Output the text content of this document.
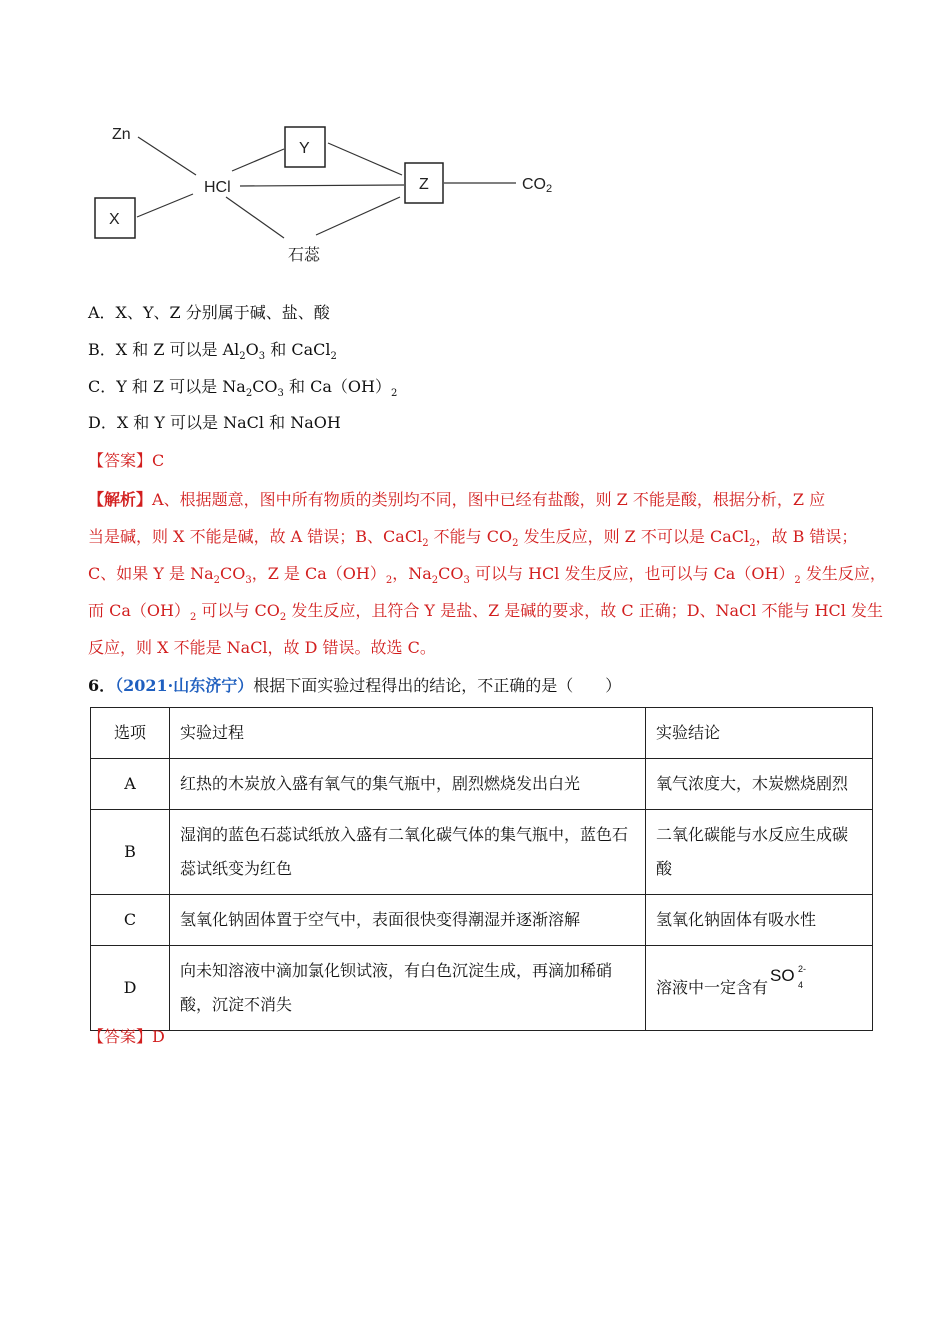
Zn
X
HCl
Y
Z
石蕊
CO2
A．X、Y、Z 分别属于碱、盐、酸
B．X 和 Z 可以是 $Al_2O_3$ 和 CaCl$_2$
C．Y 和 Z 可以是 $Na_2CO_3$ 和 $Ca(OH)_2$
D．X 和 Y 可以是 NaCl 和 NaOH
【答案】C
【解析】A、根据题意，图中所有物质的类别均不同，图中已经有盐酸，则 Z 不能是酸，根据分析，Z 应
当是碱，则 X 不能是碱，故 A 错误；B、CaCl$_2$ 不能与 $CO_2$ 发生反应，则 Z 不可以是 CaCl$_2$，故 B 错误；
C、如果 Y 是 $Na_2CO_3$，Z 是 $Ca(OH)_2$，$Na_2CO_3$ 可以与 HCl 发生反应，也可以与 $Ca(OH)_2$ 发生反应，
而 $Ca(OH)_2$ 可以与 $CO_2$ 发生反应，且符合 Y 是盐、Z 是碱的要求，故 C 正确；D、NaCl 不能与 HCl 发生
反应，则 X 不能是 NaCl，故 D 错误。故选 C。
6．（2021·山东济宁）根据下面实验过程得出的结论，不正确的是（　　）
选项	实验过程	实验结论
A	红热的木炭放入盛有氧气的集气瓶中，剧烈燃烧发出白光	氧气浓度大，木炭燃烧剧烈
B	湿润的蓝色石蕊试纸放入盛有二氧化碳气体的集气瓶中，蓝色石蕊试纸变为红色	二氧化碳能与水反应生成碳酸
C	氢氧化钠固体置于空气中，表面很快变得潮湿并逐渐溶解	氢氧化钠固体有吸水性
D	向未知溶液中滴加氯化钡试液，有白色沉淀生成，再滴加稀硝酸，沉淀不消失	溶液中一定含有SO 2-
4
【答案】D
